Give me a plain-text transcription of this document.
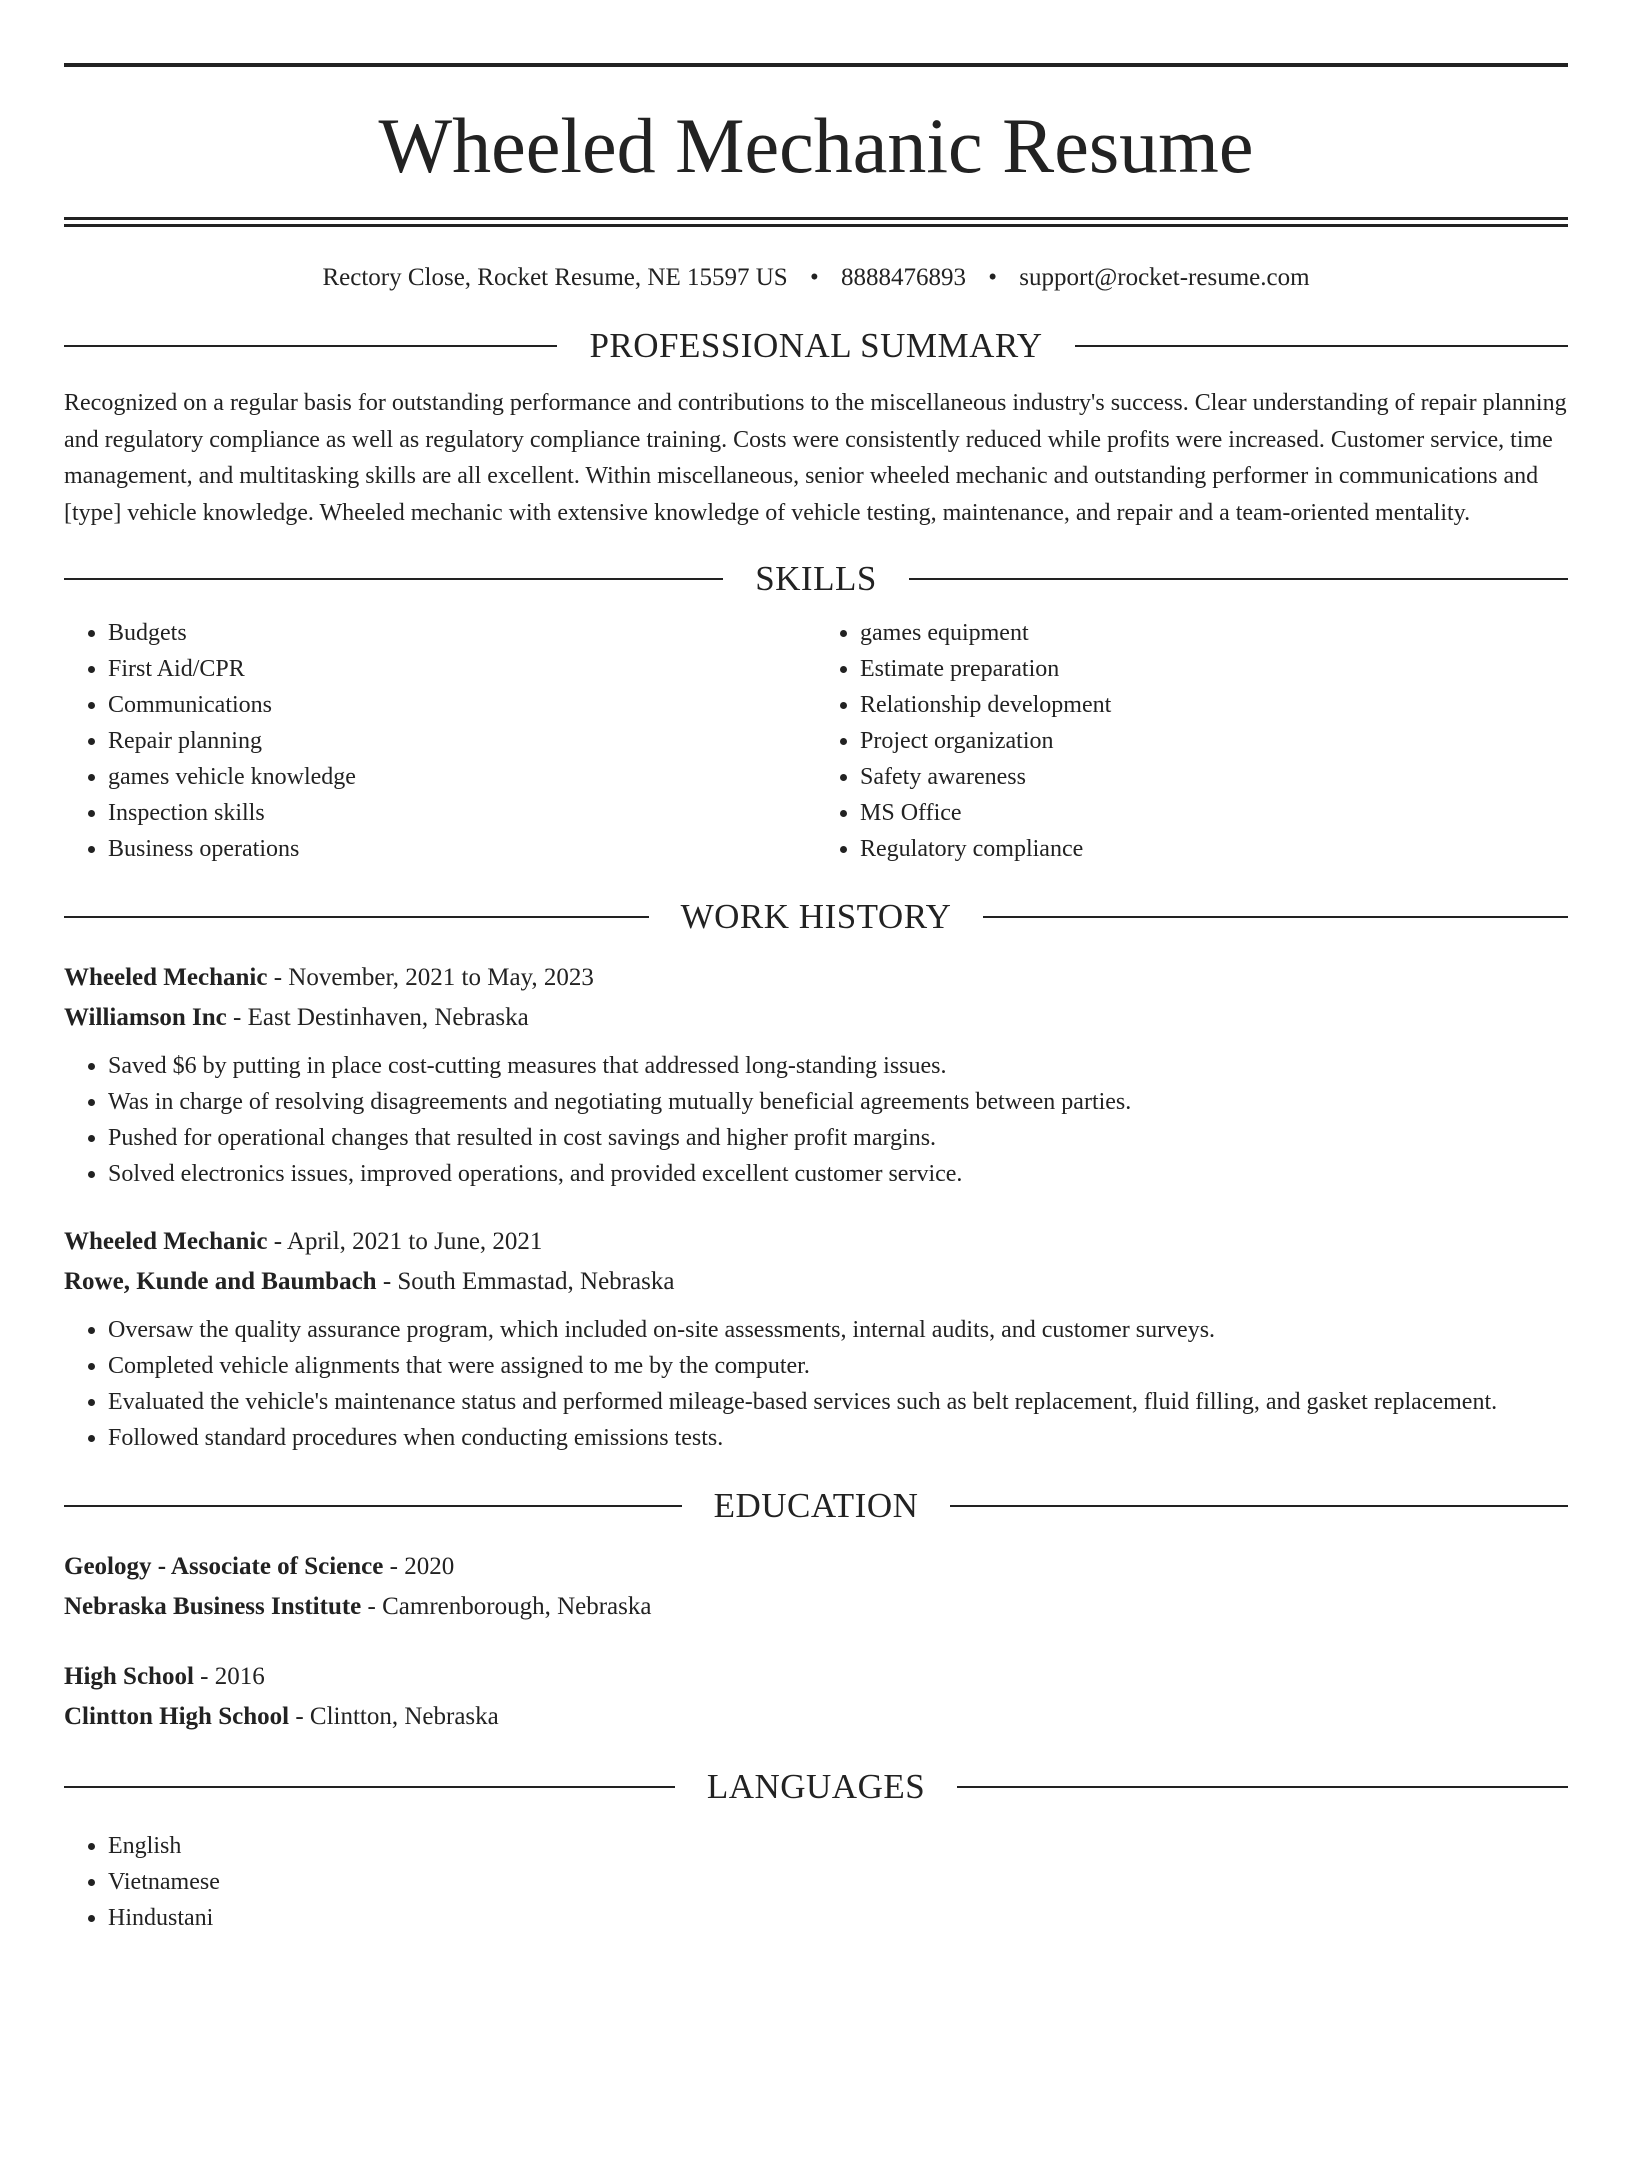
Wheeled Mechanic Resume
Rectory Close, Rocket Resume, NE 15597 US • 8888476893 • support@rocket-resume.com
PROFESSIONAL SUMMARY

Recognized on a regular basis for outstanding performance and contributions to the miscellaneous industry's success. Clear understanding of repair planning and regulatory compliance as well as regulatory compliance training. Costs were consistently reduced while profits were increased. Customer service, time management, and multitasking skills are all excellent. Within miscellaneous, senior wheeled mechanic and outstanding performer in communications and [type] vehicle knowledge. Wheeled mechanic with extensive knowledge of vehicle testing, maintenance, and repair and a team-oriented mentality.

SKILLS
• Budgets
• First Aid/CPR
• Communications
• Repair planning
• games vehicle knowledge
• Inspection skills
• Business operations
• games equipment
• Estimate preparation
• Relationship development
• Project organization
• Safety awareness
• MS Office
• Regulatory compliance
WORK HISTORY
Wheeled Mechanic - November, 2021 to May, 2023
Williamson Inc - East Destinhaven, Nebraska
• Saved $6 by putting in place cost-cutting measures that addressed long-standing issues.
• Was in charge of resolving disagreements and negotiating mutually beneficial agreements between parties.
• Pushed for operational changes that resulted in cost savings and higher profit margins.
• Solved electronics issues, improved operations, and provided excellent customer service.
Wheeled Mechanic - April, 2021 to June, 2021
Rowe, Kunde and Baumbach - South Emmastad, Nebraska
• Oversaw the quality assurance program, which included on-site assessments, internal audits, and customer surveys.
• Completed vehicle alignments that were assigned to me by the computer.
• Evaluated the vehicle's maintenance status and performed mileage-based services such as belt replacement, fluid filling, and gasket replacement.
• Followed standard procedures when conducting emissions tests.
EDUCATION
Geology - Associate of Science - 2020
Nebraska Business Institute - Camrenborough, Nebraska
High School - 2016
Clintton High School - Clintton, Nebraska
LANGUAGES
• English
• Vietnamese
• Hindustani
